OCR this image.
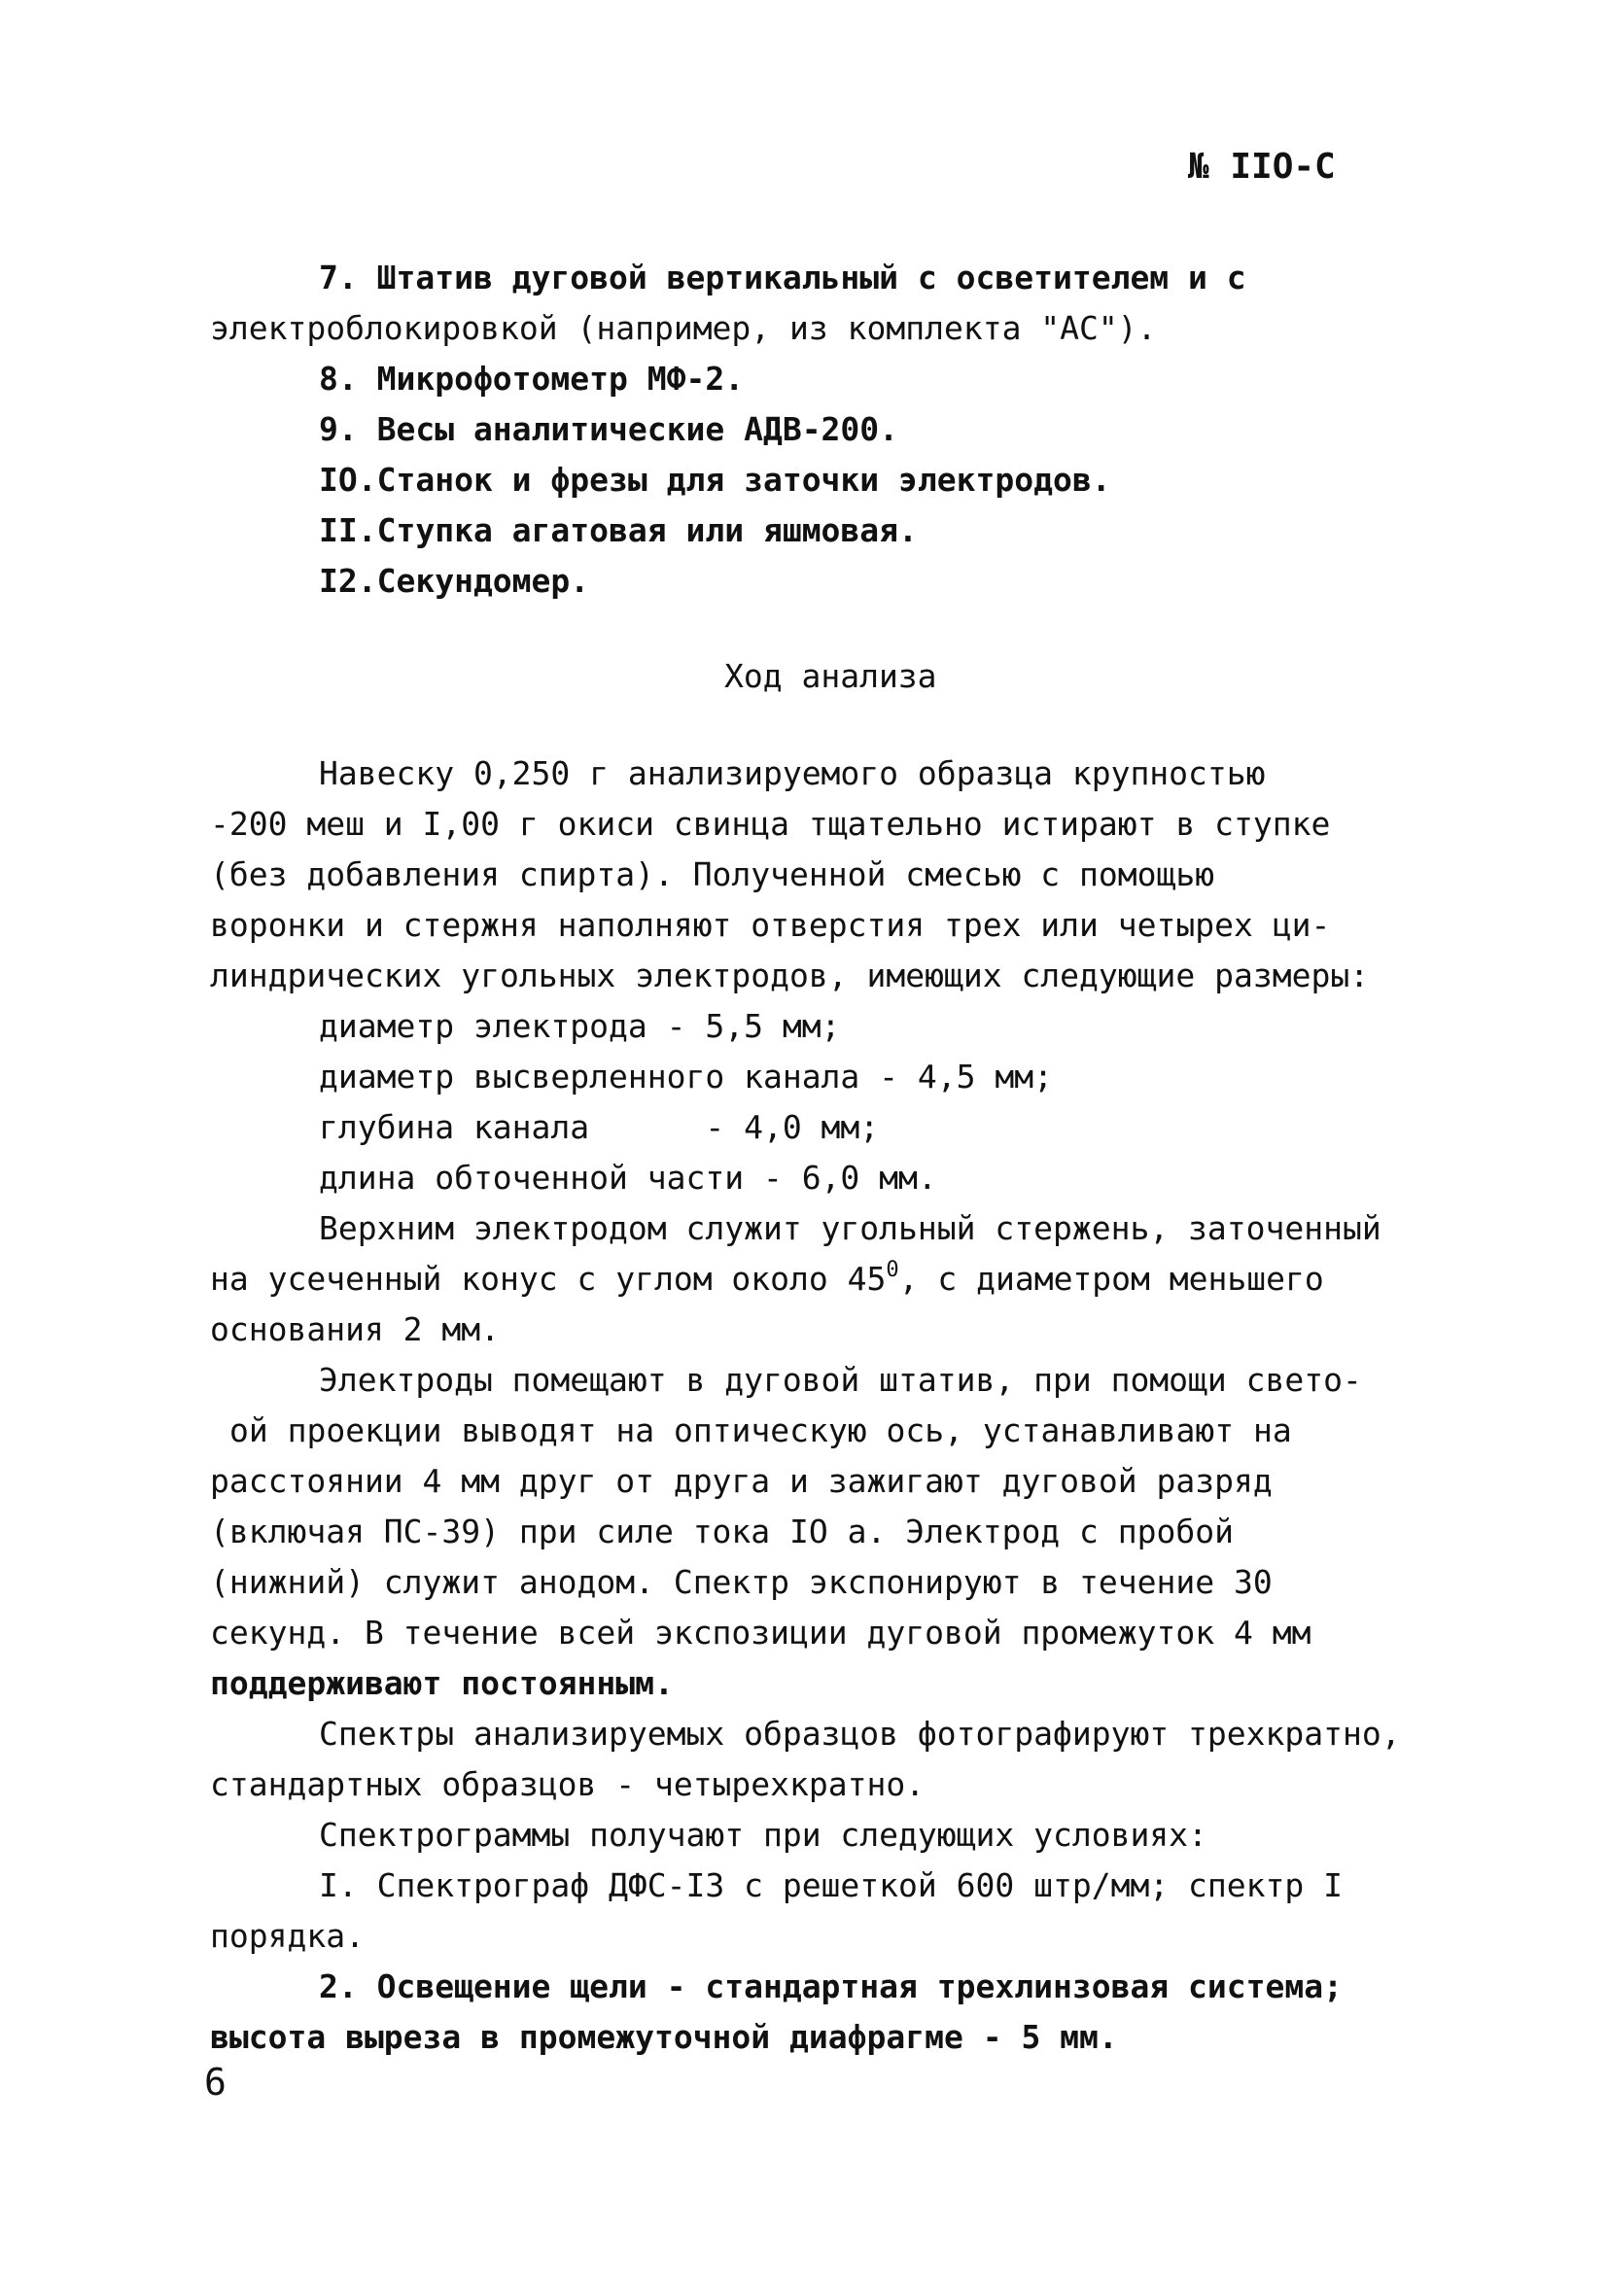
№ IIO-C

7. Штатив дуговой вертикальный с осветителем и с

электроблокировкой (например, из комплекта "АС").

8. Микрофотометр МФ-2.

9. Весы аналитические АДВ-200.

IO.Станок и фрезы для заточки электродов.

II.Ступка агатовая или яшмовая.

I2.Секундомер.

Ход анализа

Навеску 0,250 г анализируемого образца крупностью

-200 меш и I,00 г окиси свинца тщательно истирают в ступке

(без добавления спирта). Полученной смесью с помощью

воронки и стержня наполняют отверстия трех или четырех ци-

линдрических угольных электродов, имеющих следующие размеры:

диаметр электрода - 5,5 мм;

диаметр высверленного канала - 4,5 мм;

глубина канала      - 4,0 мм;

длина обточенной части - 6,0 мм.

Верхним электродом служит угольный стержень, заточенный

на усеченный конус с углом около $45^0$, с диаметром меньшего

основания 2 мм.

Электроды помещают в дуговой штатив, при помощи свето-

ой проекции выводят на оптическую ось, устанавливают на

расстоянии 4 мм друг от друга и зажигают дуговой разряд

(включая ПС-39) при силе тока IO а. Электрод с пробой

(нижний) служит анодом. Спектр экспонируют в течение 30

секунд. В течение всей экспозиции дуговой промежуток 4 мм

поддерживают постоянным.

Спектры анализируемых образцов фотографируют трехкратно,

стандартных образцов - четырехкратно.

Спектрограммы получают при следующих условиях:

I. Спектрограф ДФС-I3 с решеткой 600 штр/мм; спектр I

порядка.

2. Освещение щели - стандартная трехлинзовая система;

высота выреза в промежуточной диафрагме - 5 мм.

6
